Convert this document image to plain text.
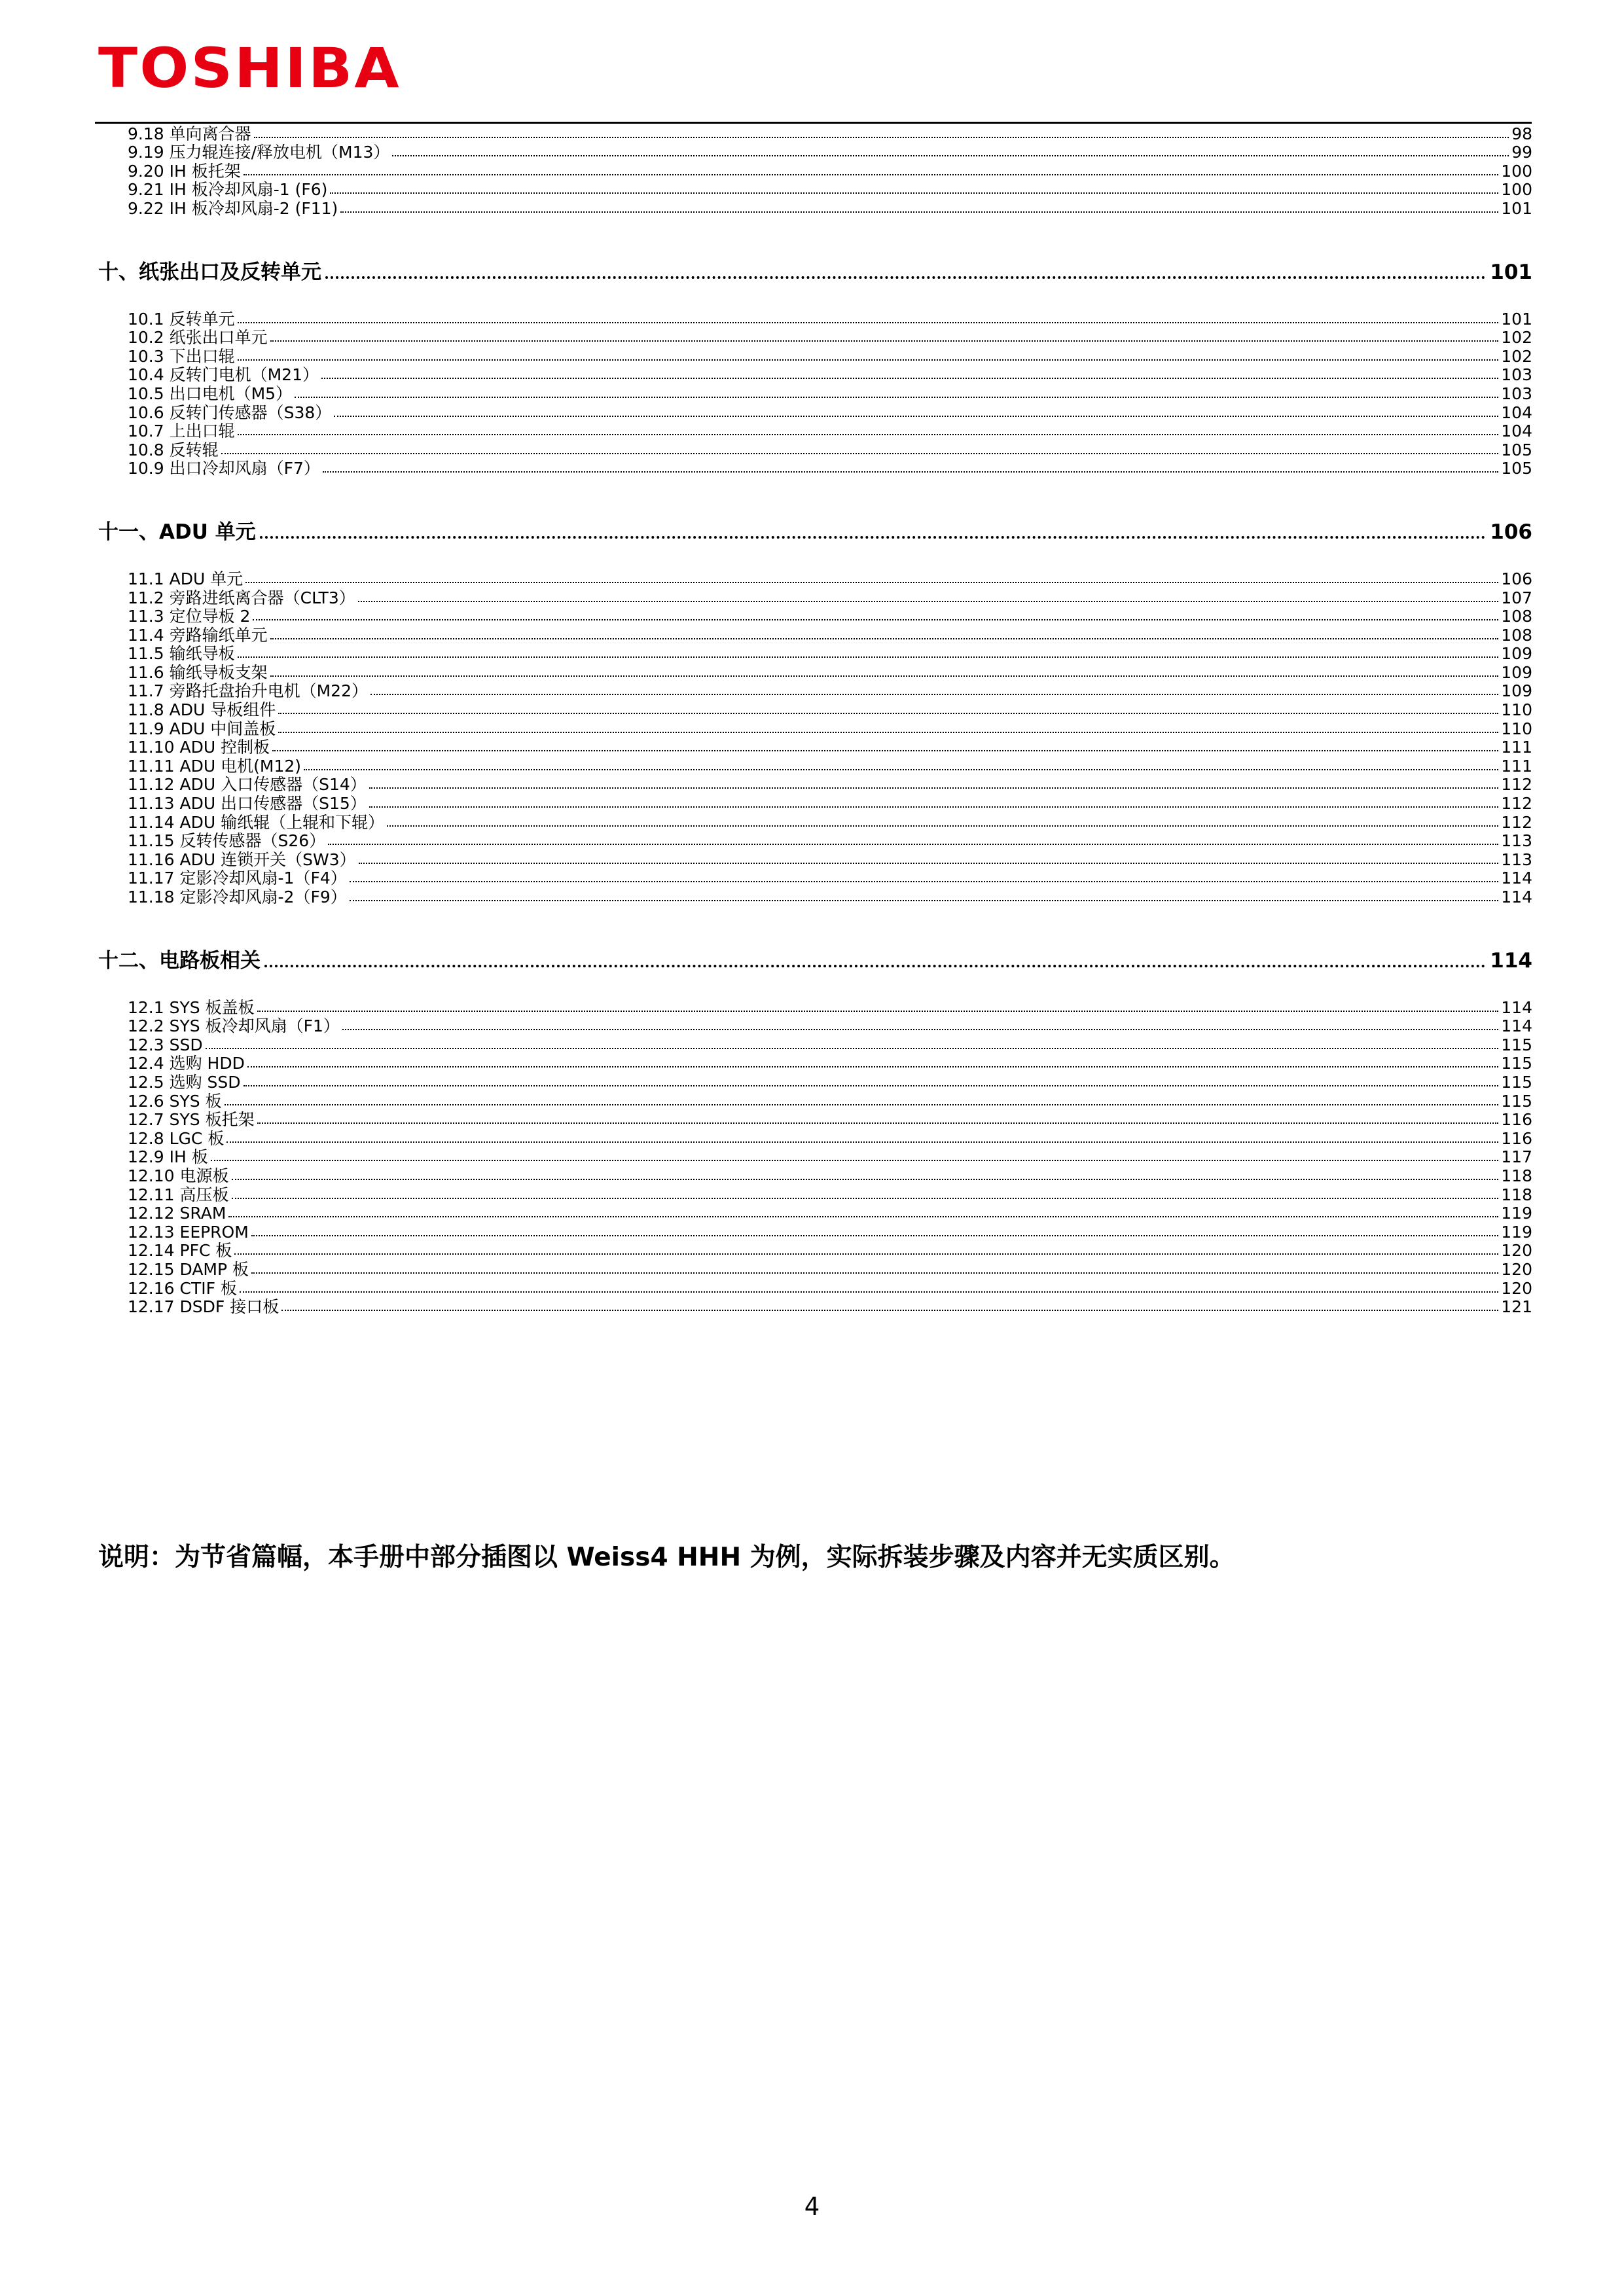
TOSHIBA
9.18 单向离合器	98
9.19 压力辊连接/释放电机（M13）	99
9.20 IH 板托架	100
9.21 IH 板冷却风扇-1 (F6)	100
9.22 IH 板冷却风扇-2 (F11)	101
十、纸张出口及反转单元	101
10.1 反转单元	101
10.2 纸张出口单元	102
10.3 下出口辊	102
10.4 反转门电机（M21）	103
10.5 出口电机（M5）	103
10.6 反转门传感器（S38）	104
10.7 上出口辊	104
10.8 反转辊	105
10.9 出口冷却风扇（F7）	105
十一、ADU 单元	106
11.1 ADU 单元	106
11.2 旁路进纸离合器（CLT3）	107
11.3 定位导板 2	108
11.4 旁路输纸单元	108
11.5 输纸导板	109
11.6 输纸导板支架	109
11.7 旁路托盘抬升电机（M22）	109
11.8 ADU 导板组件	110
11.9 ADU 中间盖板	110
11.10 ADU 控制板	111
11.11 ADU 电机(M12)	111
11.12 ADU 入口传感器（S14）	112
11.13 ADU 出口传感器（S15）	112
11.14 ADU 输纸辊（上辊和下辊）	112
11.15 反转传感器（S26）	113
11.16 ADU 连锁开关（SW3）	113
11.17 定影冷却风扇-1（F4）	114
11.18 定影冷却风扇-2（F9）	114
十二、电路板相关	114
12.1 SYS 板盖板	114
12.2 SYS 板冷却风扇（F1）	114
12.3 SSD	115
12.4 选购 HDD	115
12.5 选购 SSD	115
12.6 SYS 板	115
12.7 SYS 板托架	116
12.8 LGC 板	116
12.9 IH 板	117
12.10 电源板	118
12.11 高压板	118
12.12 SRAM	119
12.13 EEPROM	119
12.14 PFC 板	120
12.15 DAMP 板	120
12.16 CTIF 板	120
12.17 DSDF 接口板	121
说明：为节省篇幅，本手册中部分插图以 Weiss4 HHH 为例，实际拆装步骤及内容并无实质区别。
4
